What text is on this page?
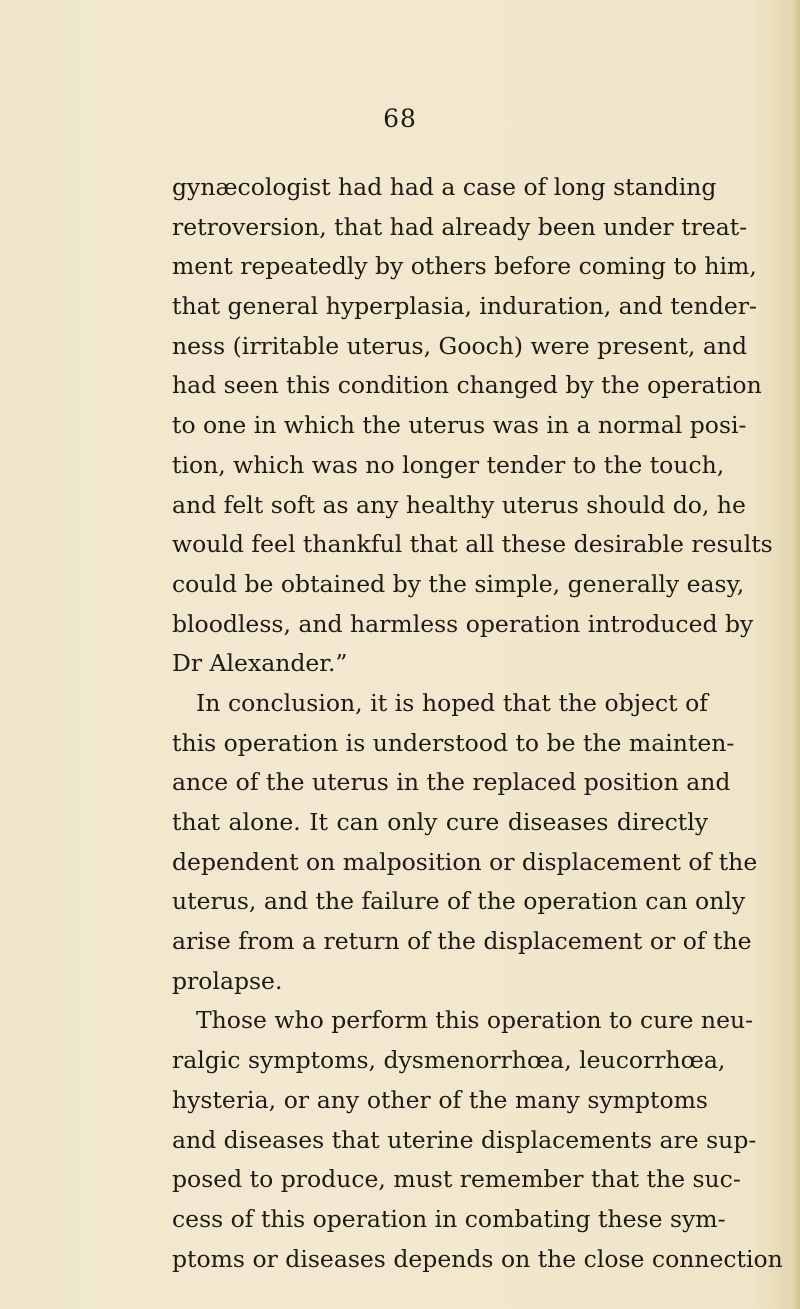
68
gynæcologist had had a case of long standing
retroversion, that had already been under treat-
ment repeatedly by others before coming to him,
that general hyperplasia, induration, and tender-
ness (irritable uterus, Gooch) were present, and
had seen this condition changed by the operation
to one in which the uterus was in a normal posi-
tion, which was no longer tender to the touch,
and felt soft as any healthy uterus should do, he
would feel thankful that all these desirable results
could be obtained by the simple, generally easy,
bloodless, and harmless operation introduced by
Dr Alexander.”
In conclusion, it is hoped that the object of
this operation is understood to be the mainten-
ance of the uterus in the replaced position and
that alone. It can only cure diseases directly
dependent on malposition or displacement of the
uterus, and the failure of the operation can only
arise from a return of the displacement or of the
prolapse.
Those who perform this operation to cure neu-
ralgic symptoms, dysmenorrhœa, leucorrhœa,
hysteria, or any other of the many symptoms
and diseases that uterine displacements are sup-
posed to produce, must remember that the suc-
cess of this operation in combating these sym-
ptoms or diseases depends on the close connection
